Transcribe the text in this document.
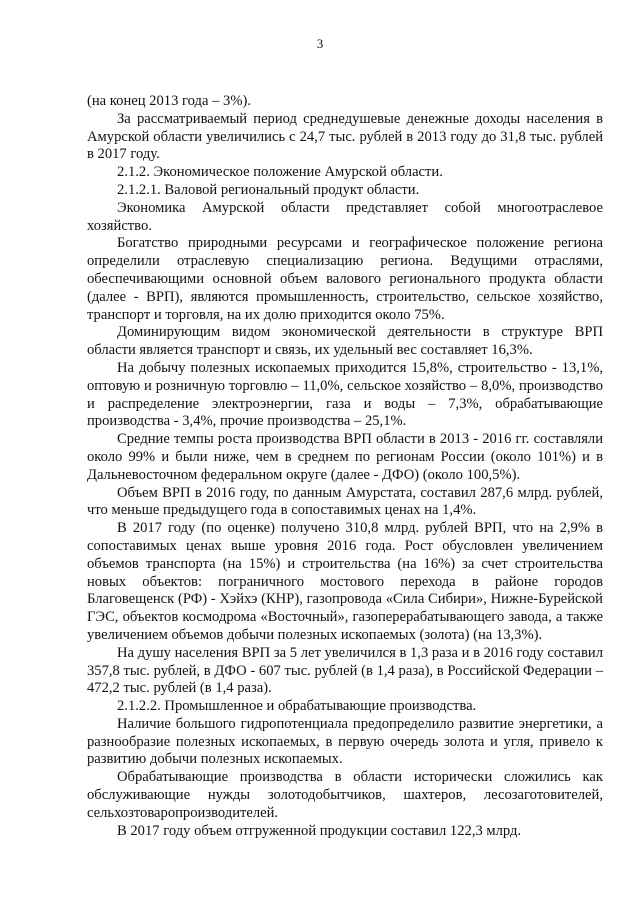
3

(на конец 2013 года – 3%).

За рассматриваемый период среднедушевые денежные доходы населения в Амурской области увеличились с 24,7 тыс. рублей в 2013 году до 31,8 тыс. рублей в 2017 году.

2.1.2. Экономическое положение Амурской области.

2.1.2.1. Валовой региональный продукт области.

Экономика Амурской области представляет собой многоотраслевое хозяйство.

Богатство природными ресурсами и географическое положение региона определили отраслевую специализацию региона. Ведущими отраслями, обеспечивающими основной объем валового регионального продукта области (далее - ВРП), являются промышленность, строительство, сельское хозяйство, транспорт и торговля, на их долю приходится около 75%.

Доминирующим видом экономической деятельности в структуре ВРП области является транспорт и связь, их удельный вес составляет 16,3%.

На добычу полезных ископаемых приходится 15,8%, строительство - 13,1%, оптовую и розничную торговлю – 11,0%, сельское хозяйство – 8,0%, производство и распределение электроэнергии, газа и воды – 7,3%, обрабатывающие производства - 3,4%, прочие производства – 25,1%.

Средние темпы роста производства ВРП области в 2013 - 2016 гг. составляли около 99% и были ниже, чем в среднем по регионам России (около 101%) и в Дальневосточном федеральном округе (далее - ДФО) (около 100,5%).

Объем ВРП в 2016 году, по данным Амурстата, составил 287,6 млрд. рублей, что меньше предыдущего года в сопоставимых ценах на 1,4%.

В 2017 году (по оценке) получено 310,8 млрд. рублей ВРП, что на 2,9% в сопоставимых ценах выше уровня 2016 года. Рост обусловлен увеличением объемов транспорта (на 15%) и строительства (на 16%) за счет строительства новых объектов: пограничного мостового перехода в районе городов Благовещенск (РФ) - Хэйхэ (КНР), газопровода «Сила Сибири», Нижне-Бурейской ГЭС, объектов космодрома «Восточный», газоперерабатывающего завода, а также увеличением объемов добычи полезных ископаемых (золота) (на 13,3%).

На душу населения ВРП за 5 лет увеличился в 1,3 раза и в 2016 году составил 357,8 тыс. рублей, в ДФО - 607 тыс. рублей (в 1,4 раза), в Российской Федерации – 472,2 тыс. рублей (в 1,4 раза).

2.1.2.2. Промышленное и обрабатывающие производства.

Наличие большого гидропотенциала предопределило развитие энергетики, а разнообразие полезных ископаемых, в первую очередь золота и угля, привело к развитию добычи полезных ископаемых.

Обрабатывающие производства в области исторически сложились как обслуживающие нужды золотодобытчиков, шахтеров, лесозаготовителей, сельхозтоваропроизводителей.

В 2017 году объем отгруженной продукции составил 122,3 млрд.
